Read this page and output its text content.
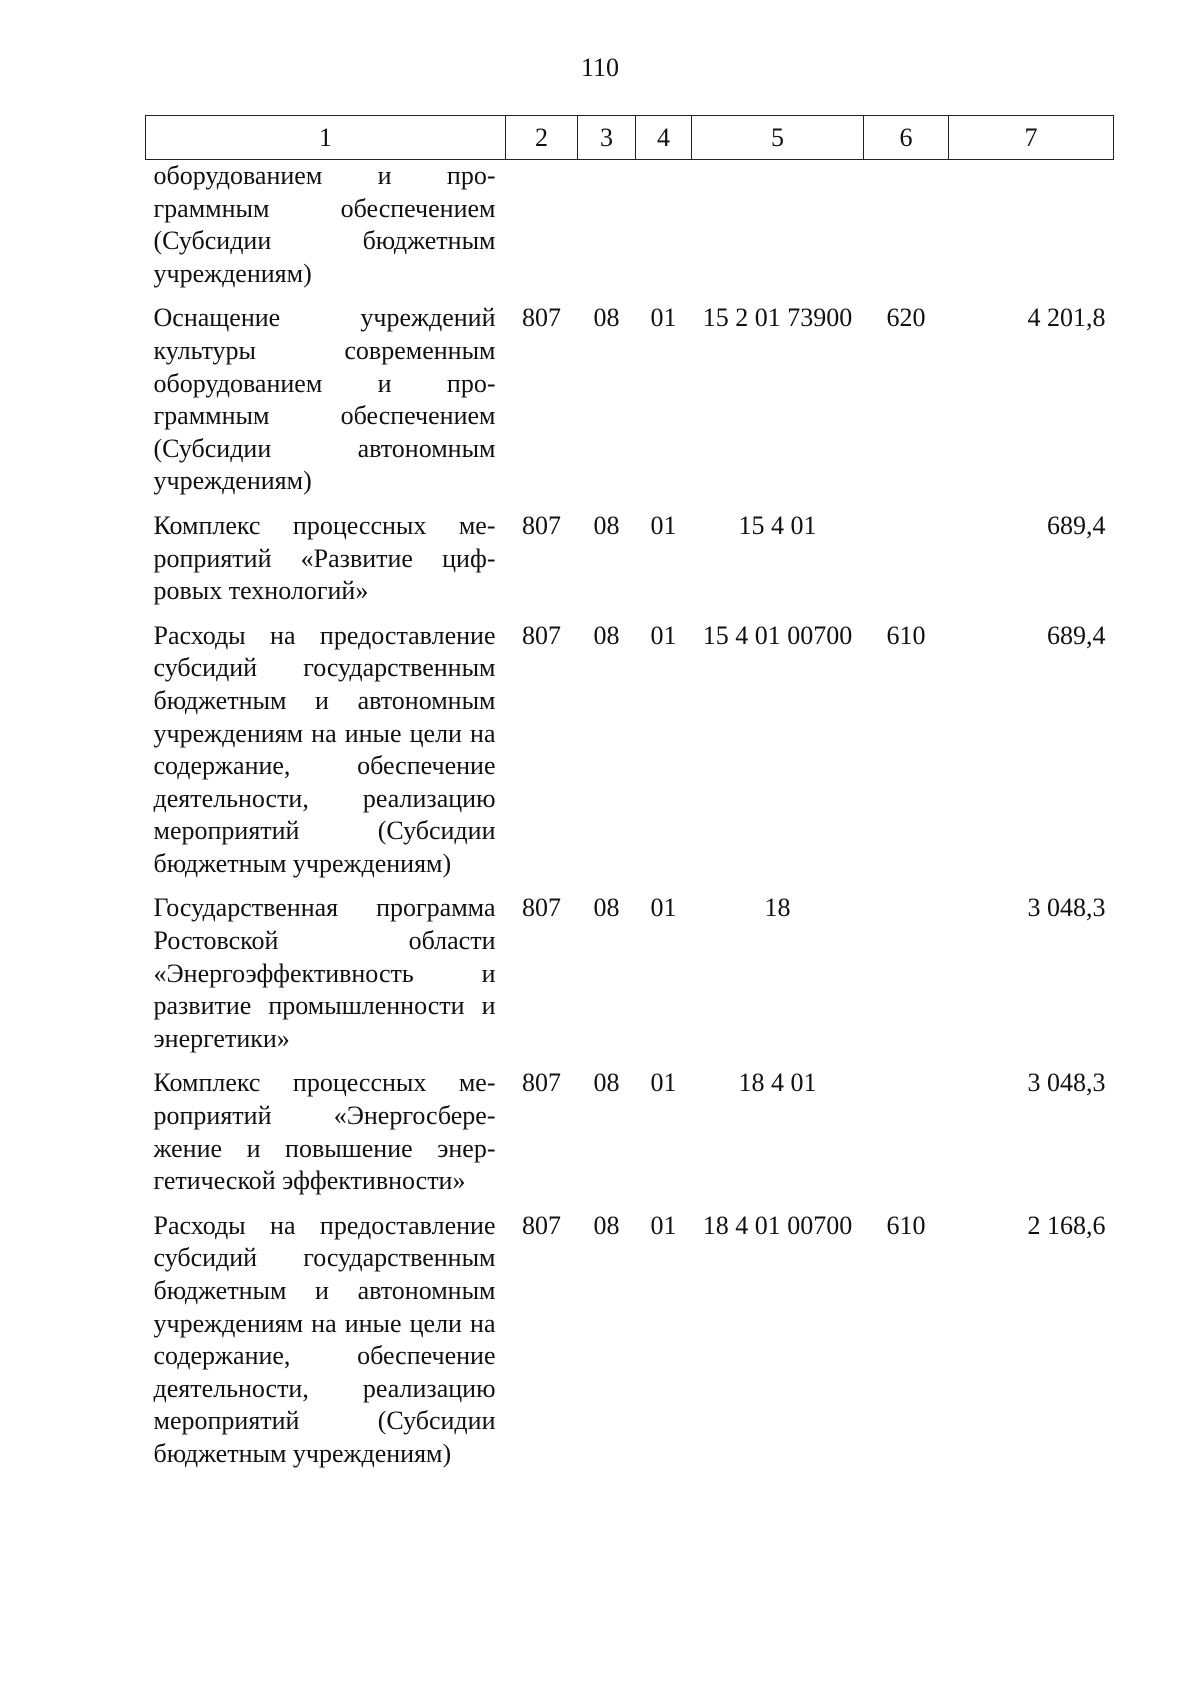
110
1	2	3	4	5	6	7
оборудованием и программным обеспечением (Субсидии бюджетным учреждениям)						
Оснащение учреждений культуры современным оборудованием и программным обеспечением (Субсидии автономным учреждениям)	807	08	01	15 2 01 73900	620	4 201,8
Комплекс процессных мероприятий «Развитие цифровых технологий»	807	08	01	15 4 01		689,4
Расходы на предоставление субсидий государственным бюджетным и автономным учреждениям на иные цели на содержание, обеспечение деятельности, реализацию мероприятий (Субсидии бюджетным учреждениям)	807	08	01	15 4 01 00700	610	689,4
Государственная программа Ростовской области «Энергоэффективность и развитие промышленности и энергетики»	807	08	01	18		3 048,3
Комплекс процессных мероприятий «Энергосбережение и повышение энергетической эффективности»	807	08	01	18 4 01		3 048,3
Расходы на предоставление субсидий государственным бюджетным и автономным учреждениям на иные цели на содержание, обеспечение деятельности, реализацию мероприятий (Субсидии бюджетным учреждениям)	807	08	01	18 4 01 00700	610	2 168,6
